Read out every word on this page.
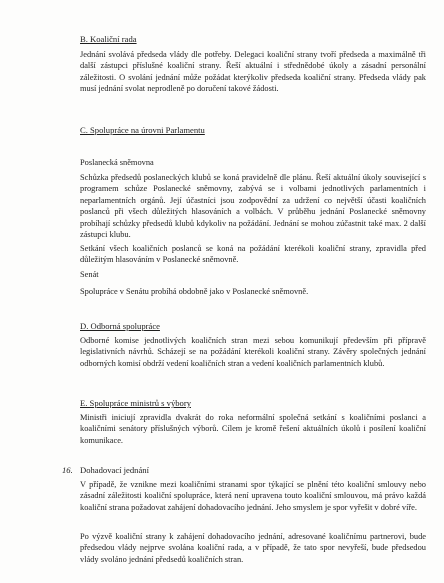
B. Koaliční rada

Jednání svolává předseda vlády dle potřeby. Delegaci koaliční strany tvoří předseda a maximálně tři další zástupci příslušné koaliční strany. Řeší aktuální i střednědobé úkoly a zásadní personální záležitosti. O svolání jednání může požádat kterýkoliv předseda koaliční strany. Předseda vlády pak musí jednání svolat neprodleně po doručení takové žádosti.

C. Spolupráce na úrovni Parlamentu

Poslanecká sněmovna

Schůzka předsedů poslaneckých klubů se koná pravidelně dle plánu. Řeší aktuální úkoly související s programem schůze Poslanecké sněmovny, zabývá se i volbami jednotlivých parlamentních i neparlamentních orgánů. Její účastníci jsou zodpovědní za udržení co největší účasti koaličních poslanců při všech důležitých hlasováních a volbách. V průběhu jednání Poslanecké sněmovny probíhají schůzky předsedů klubů kdykoliv na požádání. Jednání se mohou zúčastnit také max. 2 další zástupci klubu.

Setkání všech koaličních poslanců se koná na požádání kterékoli koaliční strany, zpravidla před důležitým hlasováním v Poslanecké sněmovně.

Senát

Spolupráce v Senátu probíhá obdobně jako v Poslanecké sněmovně.

D. Odborná spolupráce

Odborné komise jednotlivých koaličních stran mezi sebou komunikují především při přípravě legislativních návrhů. Scházejí se na požádání kterékoli koaliční strany. Závěry společných jednání odborných komisí obdrží vedení koaličních stran a vedení koaličních parlamentních klubů.

E. Spolupráce ministrů s výbory

Ministři iniciují zpravidla dvakrát do roka neformální společná setkání s koaličními poslanci a koaličními senátory příslušných výborů. Cílem je kromě řešení aktuálních úkolů i posílení koaliční komunikace.

16. Dohadovací jednání

V případě, že vznikne mezi koaličními stranami spor týkající se plnění této koaliční smlouvy nebo zásadní záležitosti koaliční spolupráce, která není upravena touto koaliční smlouvou, má právo každá koaliční strana požadovat zahájení dohadovacího jednání. Jeho smyslem je spor vyřešit v dobré víře.

Po výzvě koaliční strany k zahájení dohadovacího jednání, adresované koaličnímu partnerovi, bude předsedou vlády nejprve svolána koaliční rada, a v případě, že tato spor nevyřeší, bude předsedou vlády svoláno jednání předsedů koaličních stran.
